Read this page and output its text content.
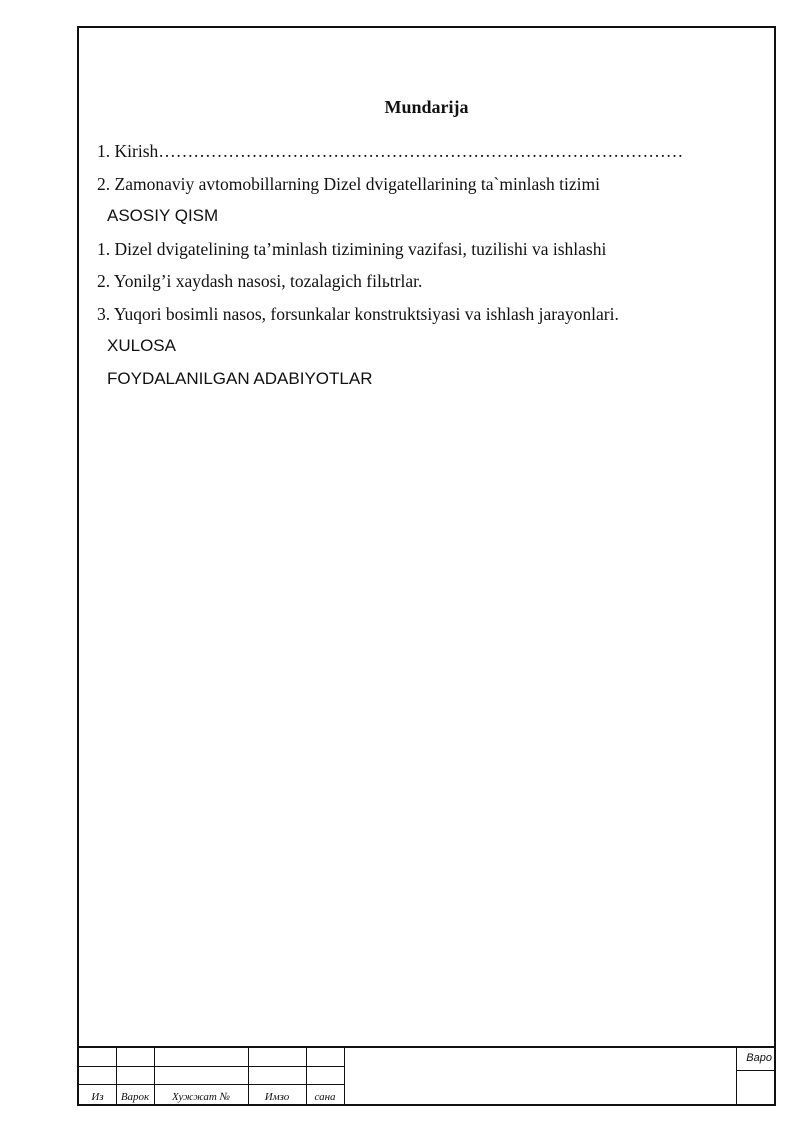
Mundarija
1. Kirish………………………………………………………………………………
2. Zamonaviy avtomobillarning Dizel dvigatellarining ta`minlash tizimi
ASOSIY QISM
1. Dizel dvigatelining ta’minlash tizimining vazifasi, tuzilishi va ishlashi
2. Yonilg’i xaydash nasosi, tozalagich filьtrlar.
3. Yuqori bosimli nasos, forsunkalar konstruktsiyasi va ishlash jarayonlari.
XULOSA
FOYDALANILGAN ADABIYOTLAR
Из	Варок	Хужжат №	Имзо	сана
Варо
